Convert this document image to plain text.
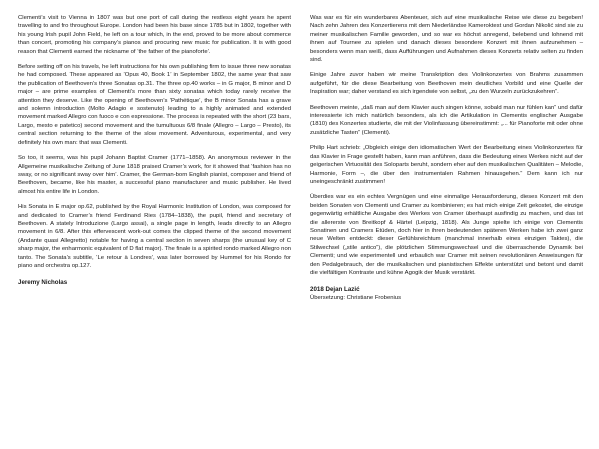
Clementi’s visit to Vienna in 1807 was but one port of call during the restless eight years he spent travelling to and fro throughout Europe. London had been his base since 1785 but in 1802, together with his young Irish pupil John Field, he left on a tour which, in the end, proved to be more about commerce than concert, promoting his company’s pianos and procuring new music for publication. It is with good reason that Clementi earned the nickname of ‘the father of the pianoforte’.

Before setting off on his travels, he left instructions for his own publishing firm to issue three new sonatas he had composed. These appeared as ‘Opus 40, Book 1’ in September 1802, the same year that saw the publication of Beethoven’s three Sonatas op.31. The three op.40 works – in G major, B minor and D major – are prime examples of Clementi’s more than sixty sonatas which today rarely receive the attention they deserve. Like the opening of Beethoven’s ‘Pathétique’, the B minor Sonata has a grave and solemn introduction (Molto Adagio e sostenuto) leading to a highly animated and extended movement marked Allegro con fuoco e con espressione. The process is repeated with the short (23 bars, Largo, mesto e patetico) second movement and the tumultuous 6/8 finale (Allegro – Largo – Presto), its central section returning to the theme of the slow movement. Adventurous, experimental, and very definitely his own man: that was Clementi.

So too, it seems, was his pupil Johann Baptist Cramer (1771–1858). An anonymous reviewer in the Allgemeine musikalische Zeitung of June 1818 praised Cramer’s work, for it showed that ‘fashion has no sway, or no significant sway over him’. Cramer, the German-born English pianist, composer and friend of Beethoven, became, like his master, a successful piano manufacturer and music publisher. He lived almost his entire life in London.

His Sonata in E major op.62, published by the Royal Harmonic Institution of London, was composed for and dedicated to Cramer’s friend Ferdinand Ries (1784–1838), the pupil, friend and secretary of Beethoven. A stately Introduzione (Largo assai), a single page in length, leads directly to an Allegro movement in 6/8. After this effervescent work-out comes the clipped theme of the second movement (Andante quasi Allegretto) notable for having a central section in seven sharps (the unusual key of C sharp major, the enharmonic equivalent of D flat major). The finale is a spirited rondo marked Allegro non tanto. The Sonata’s subtitle, ‘Le retour à Londres’, was later borrowed by Hummel for his Rondo for piano and orchestra op.127.

Jeremy Nicholas

Was war es für ein wunderbares Abenteuer, sich auf eine musikalische Reise wie diese zu begeben! Nach zehn Jahren des Konzertierens mit dem Niederländse Kameroktest und Gordan Nikolić sind sie zu meiner musikalischen Familie geworden, und so war es höchst anregend, belebend und lohnend mit ihnen auf Tournee zu spielen und danach dieses besondere Konzert mit ihnen aufzunehmen – besonders wenn man weiß, dass Aufführungen und Aufnahmen dieses Konzerts relativ selten zu finden sind.

Einige Jahre zuvor haben wir meine Transkription des Violinkonzertes von Brahms zusammen aufgeführt, für die diese Bearbeitung von Beethoven mein deutliches Vorbild und eine Quelle der Inspiration war; daher verstand es sich irgendwie von selbst, „zu den Wurzeln zurückzukehren“.

Beethoven meinte, „daß man auf dem Klavier auch singen könne, sobald man nur fühlen kan“ und dafür interessierte ich mich natürlich besonders, als ich die Artikulation in Clementis englischer Ausgabe (1810) des Konzertes studierte, die mit der Violinfassung übereinstimmt: „... für Pianoforte mit oder ohne zusätzliche Tasten“ (Clementi).

Philip Hart schrieb: „Obgleich einige den idiomatischen Wert der Bearbeitung eines Violinkonzertes für das Klavier in Frage gestellt haben, kann man anführen, dass die Bedeutung eines Werkes nicht auf der geigerischen Virtuosität des Soloparts beruht, sondern eher auf den musikalischen Qualitäten – Melodie, Harmonie, Form –, die über den instrumentalen Rahmen hinausgehen.“ Dem kann ich nur uneingeschränkt zustimmen!

Überdies war es ein echtes Vergnügen und eine einmalige Herausforderung, dieses Konzert mit den beiden Sonaten von Clementi und Cramer zu kombinieren; es hat mich einige Zeit gekostet, die einzige gegenwärtig erhältliche Ausgabe des Werkes von Cramer überhaupt ausfindig zu machen, und das ist die allererste von Breitkopf & Härtel (Leipzig, 1818). Als Junge spielte ich einige von Clementis Sonatinen und Cramers Etüden, doch hier in ihren bedeutenden späteren Werken habe ich zwei ganz neue Welten entdeckt: dieser Gefühlsreichtum (manchmal innerhalb eines einzigen Taktes), die Stilwechsel („stile antico“), die plötzlichen Stimmungswechsel und die überraschende Dynamik bei Clementi; und wie experimentell und erbaulich war Cramer mit seinen revolutionären Anweisungen für den Pedalgebrauch, der die musikalischen und pianistischen Effekte unterstützt und betont und damit die vielfältigen Kontraste und kühne Agogik der Musik verstärkt.

2018 Dejan Lazić

Übersetzung: Christiane Frobenius
